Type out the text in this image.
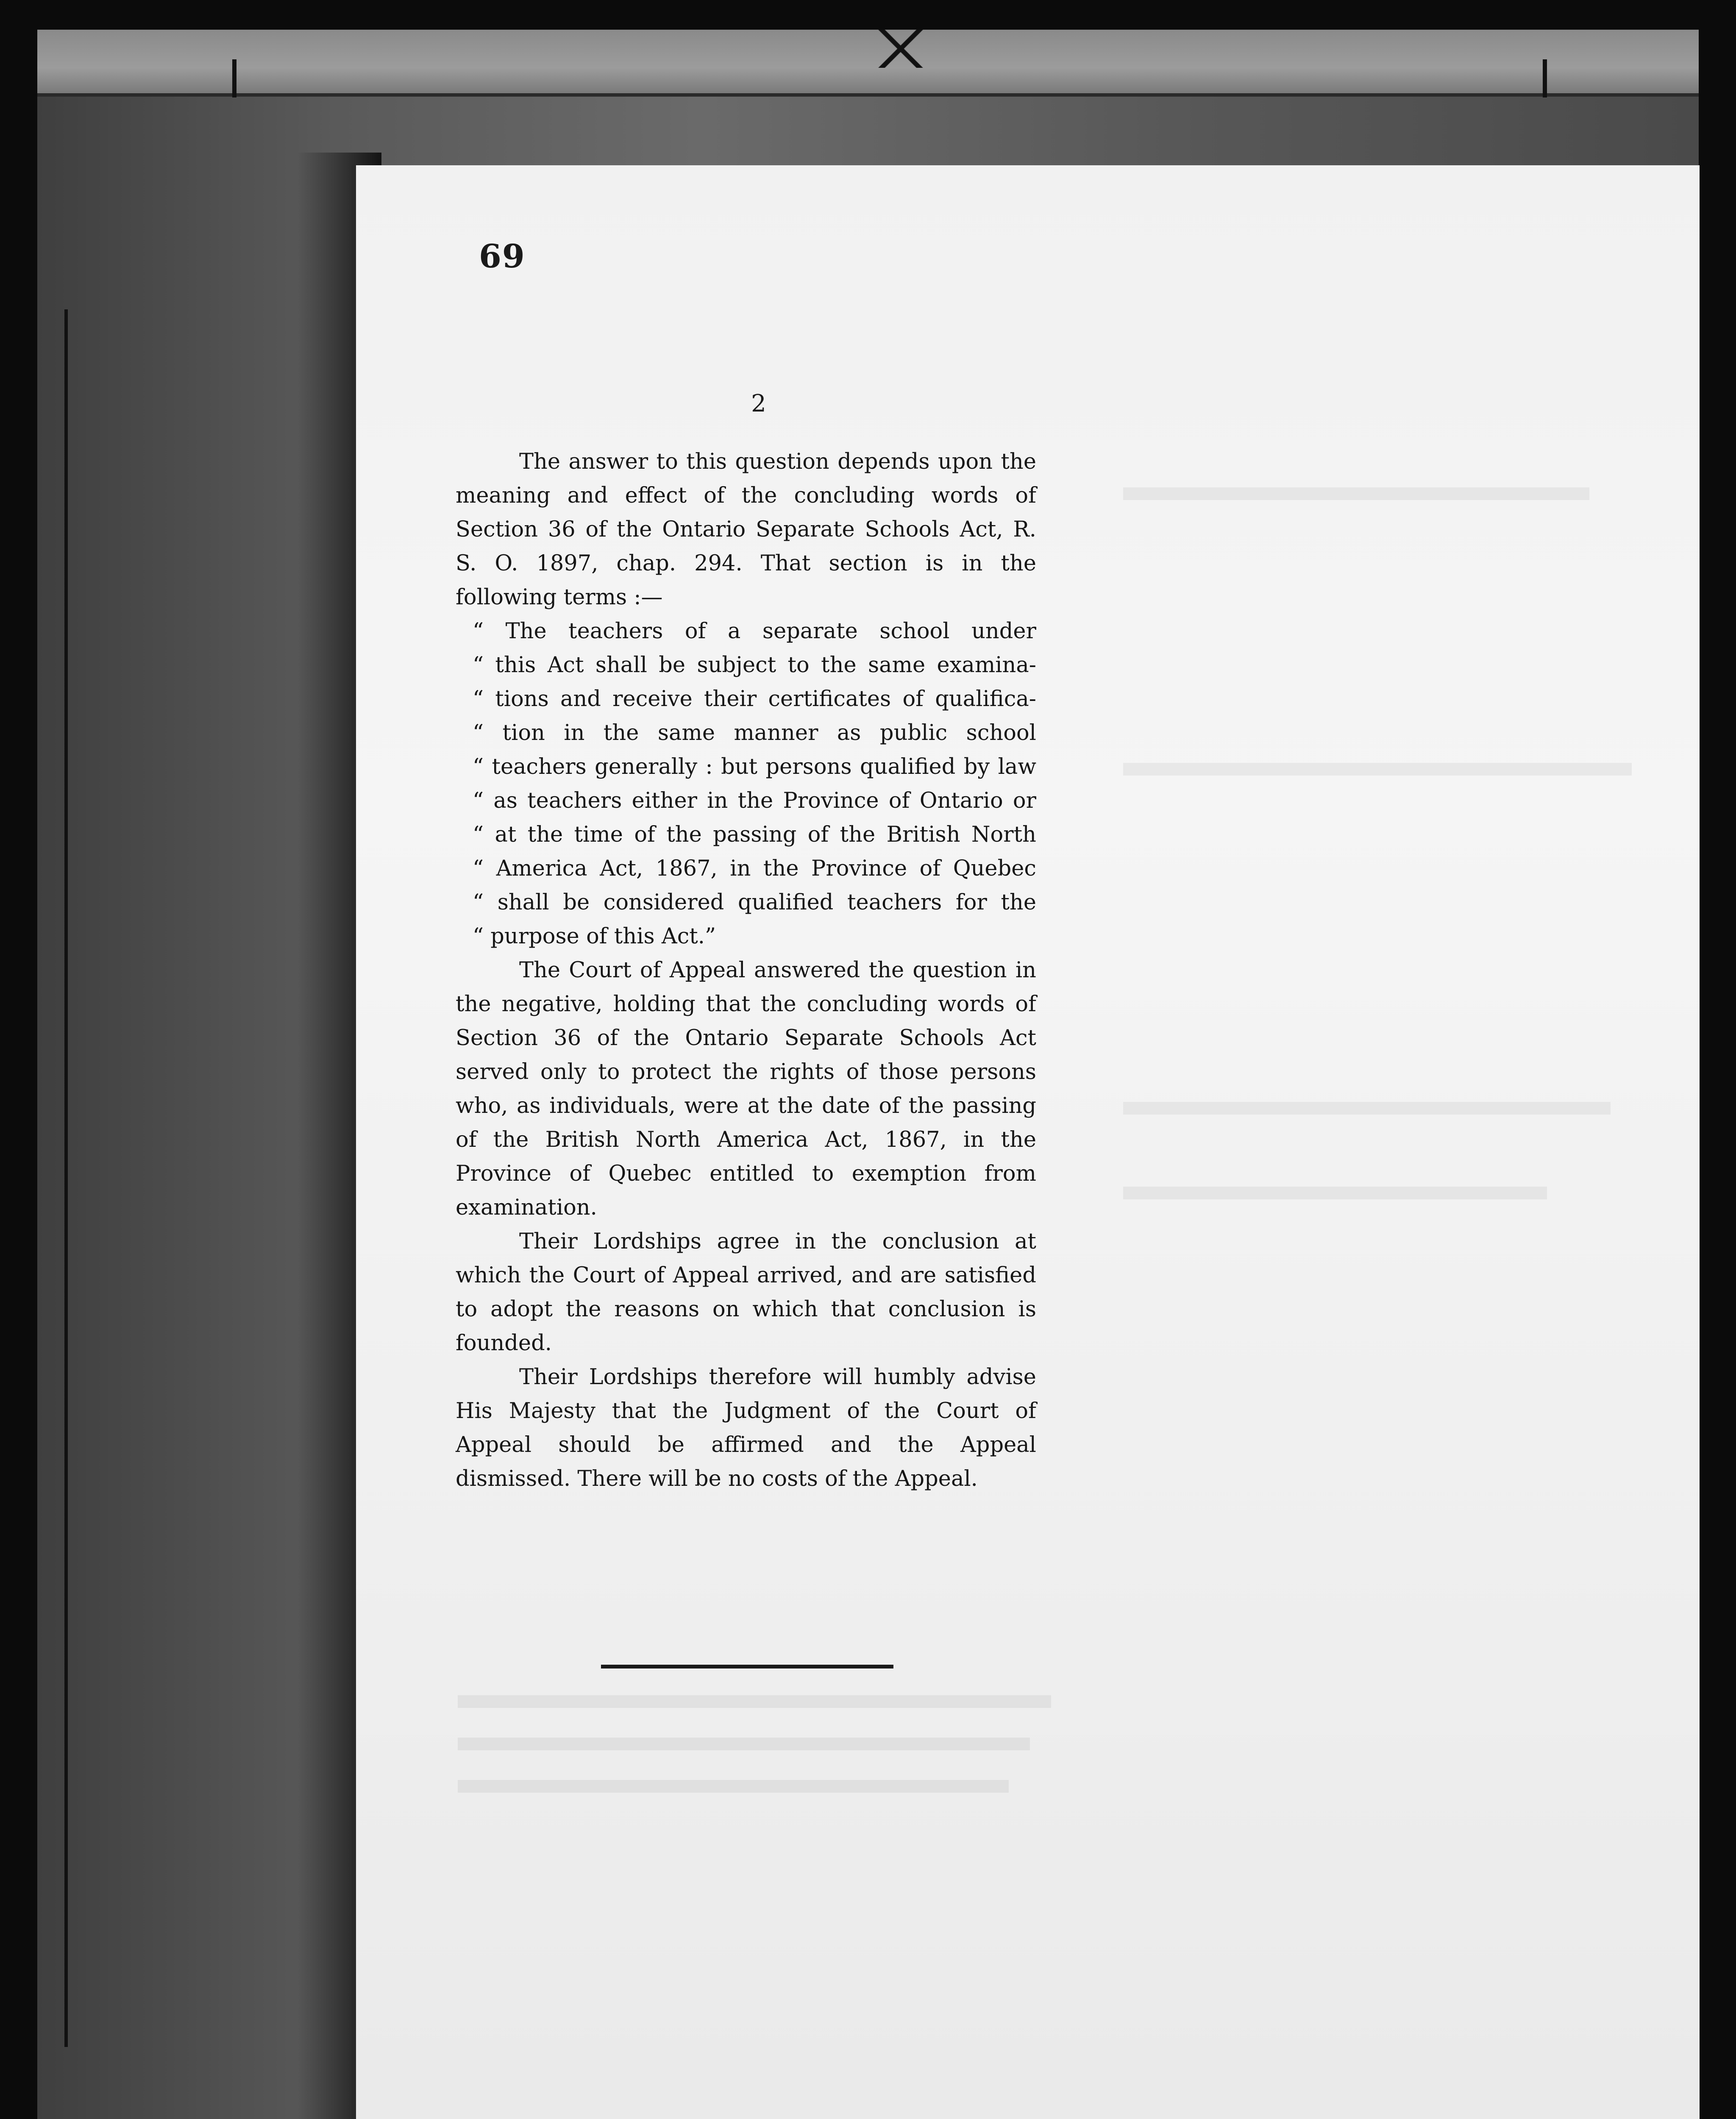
69
2

The answer to this question depends upon the meaning and effect of the concluding words of Section 36 of the Ontario Separate Schools Act, R. S. O. 1897, chap. 294. That section is in the following terms :—

“ The teachers of a separate school under
“ this Act shall be subject to the same examina-
“ tions and receive their certificates of qualifica-
“ tion in the same manner as public school
“ teachers generally : but persons qualified by law
“ as teachers either in the Province of Ontario or
“ at the time of the passing of the British North
“ America Act, 1867, in the Province of Quebec
“ shall be considered qualified teachers for the
“ purpose of this Act.”

The Court of Appeal answered the question in the negative, holding that the concluding words of Section 36 of the Ontario Separate Schools Act served only to protect the rights of those persons who, as individuals, were at the date of the passing of the British North America Act, 1867, in the Province of Quebec entitled to exemption from examination.

Their Lordships agree in the conclusion at which the Court of Appeal arrived, and are satisfied to adopt the reasons on which that conclusion is founded.

Their Lordships therefore will humbly advise His Majesty that the Judgment of the Court of Appeal should be affirmed and the Appeal dismissed. There will be no costs of the Appeal.
